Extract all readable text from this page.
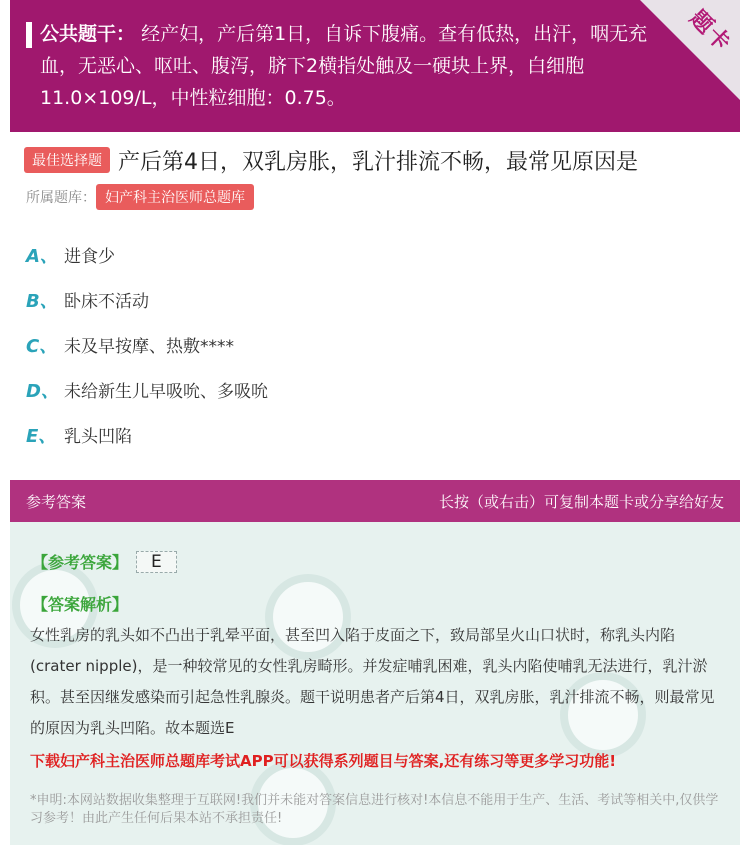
公共题干： 经产妇，产后第1日，自诉下腹痛。查有低热，出汗，咽无充血，无恶心、呕吐、腹泻，脐下2横指处触及一硬块上界，白细胞11.0×109/L，中性粒细胞：0.75。
题卡
最佳选择题 产后第4日，双乳房胀，乳汁排流不畅，最常见原因是
所属题库： 妇产科主治医师总题库
A、 进食少
B、 卧床不活动
C、 未及早按摩、热敷****
D、 未给新生儿早吸吮、多吸吮
E、 乳头凹陷
参考答案	长按（或右击）可复制本题卡或分享给好友
【参考答案】	E
【答案解析】
女性乳房的乳头如不凸出于乳晕平面，甚至凹入陷于皮面之下，致局部呈火山口状时，称乳头内陷(crater nipple)，是一种较常见的女性乳房畸形。并发症哺乳困难，乳头内陷使哺乳无法进行，乳汁淤积。甚至因继发感染而引起急性乳腺炎。题干说明患者产后第4日，双乳房胀，乳汁排流不畅，则最常见的原因为乳头凹陷。故本题选E
下载妇产科主治医师总题库考试APP可以获得系列题目与答案,还有练习等更多学习功能!
*申明:本网站数据收集整理于互联网!我们并未能对答案信息进行核对!本信息不能用于生产、生活、考试等相关中,仅供学习参考！由此产生任何后果本站不承担责任!
